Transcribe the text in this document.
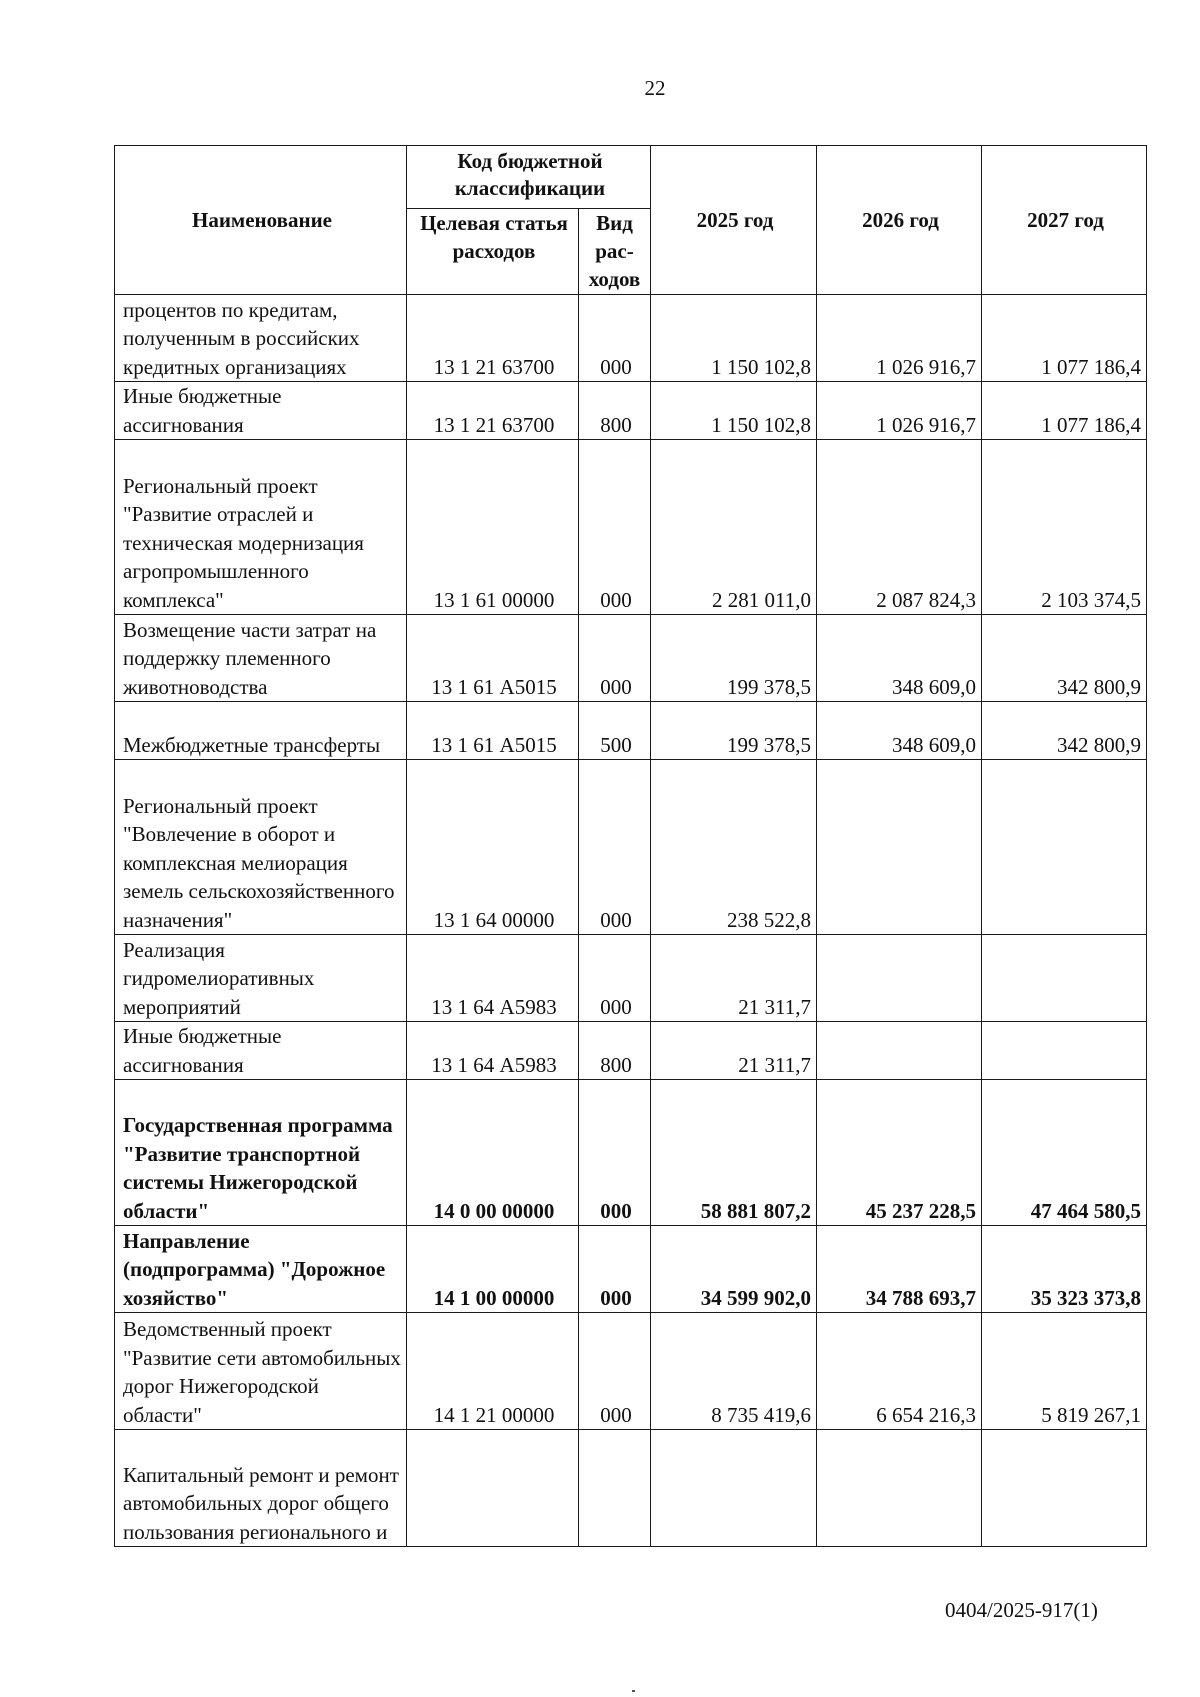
22
Наименование	Код бюджетной классификации		2025 год	2026 год	2027 год
	Целевая статья расходов	Вид
рас-
ходов			
процентов по кредитам, полученным в российских кредитных организациях	13 1 21 63700	000	1 150 102,8	1 026 916,7	1 077 186,4
Иные бюджетные ассигнования	13 1 21 63700	800	1 150 102,8	1 026 916,7	1 077 186,4
Региональный проект "Развитие отраслей и техническая модернизация агропромышленного комплекса"	13 1 61 00000	000	2 281 011,0	2 087 824,3	2 103 374,5
Возмещение части затрат на поддержку племенного животноводства	13 1 61 А5015	000	199 378,5	348 609,0	342 800,9
Межбюджетные трансферты	13 1 61 А5015	500	199 378,5	348 609,0	342 800,9
Региональный проект "Вовлечение в оборот и комплексная мелиорация земель сельскохозяйственного назначения"	13 1 64 00000	000	238 522,8		
Реализация гидромелиоративных мероприятий	13 1 64 А5983	000	21 311,7		
Иные бюджетные ассигнования	13 1 64 А5983	800	21 311,7		
Государственная программа "Развитие транспортной системы Нижегородской области"	14 0 00 00000	000	58 881 807,2	45 237 228,5	47 464 580,5
Направление (подпрограмма) "Дорожное хозяйство"	14 1 00 00000	000	34 599 902,0	34 788 693,7	35 323 373,8
Ведомственный проект "Развитие сети автомобильных дорог Нижегородской области"	14 1 21 00000	000	8 735 419,6	6 654 216,3	5 819 267,1
Капитальный ремонт и ремонт автомобильных дорог общего пользования регионального и					
0404/2025-917(1)
